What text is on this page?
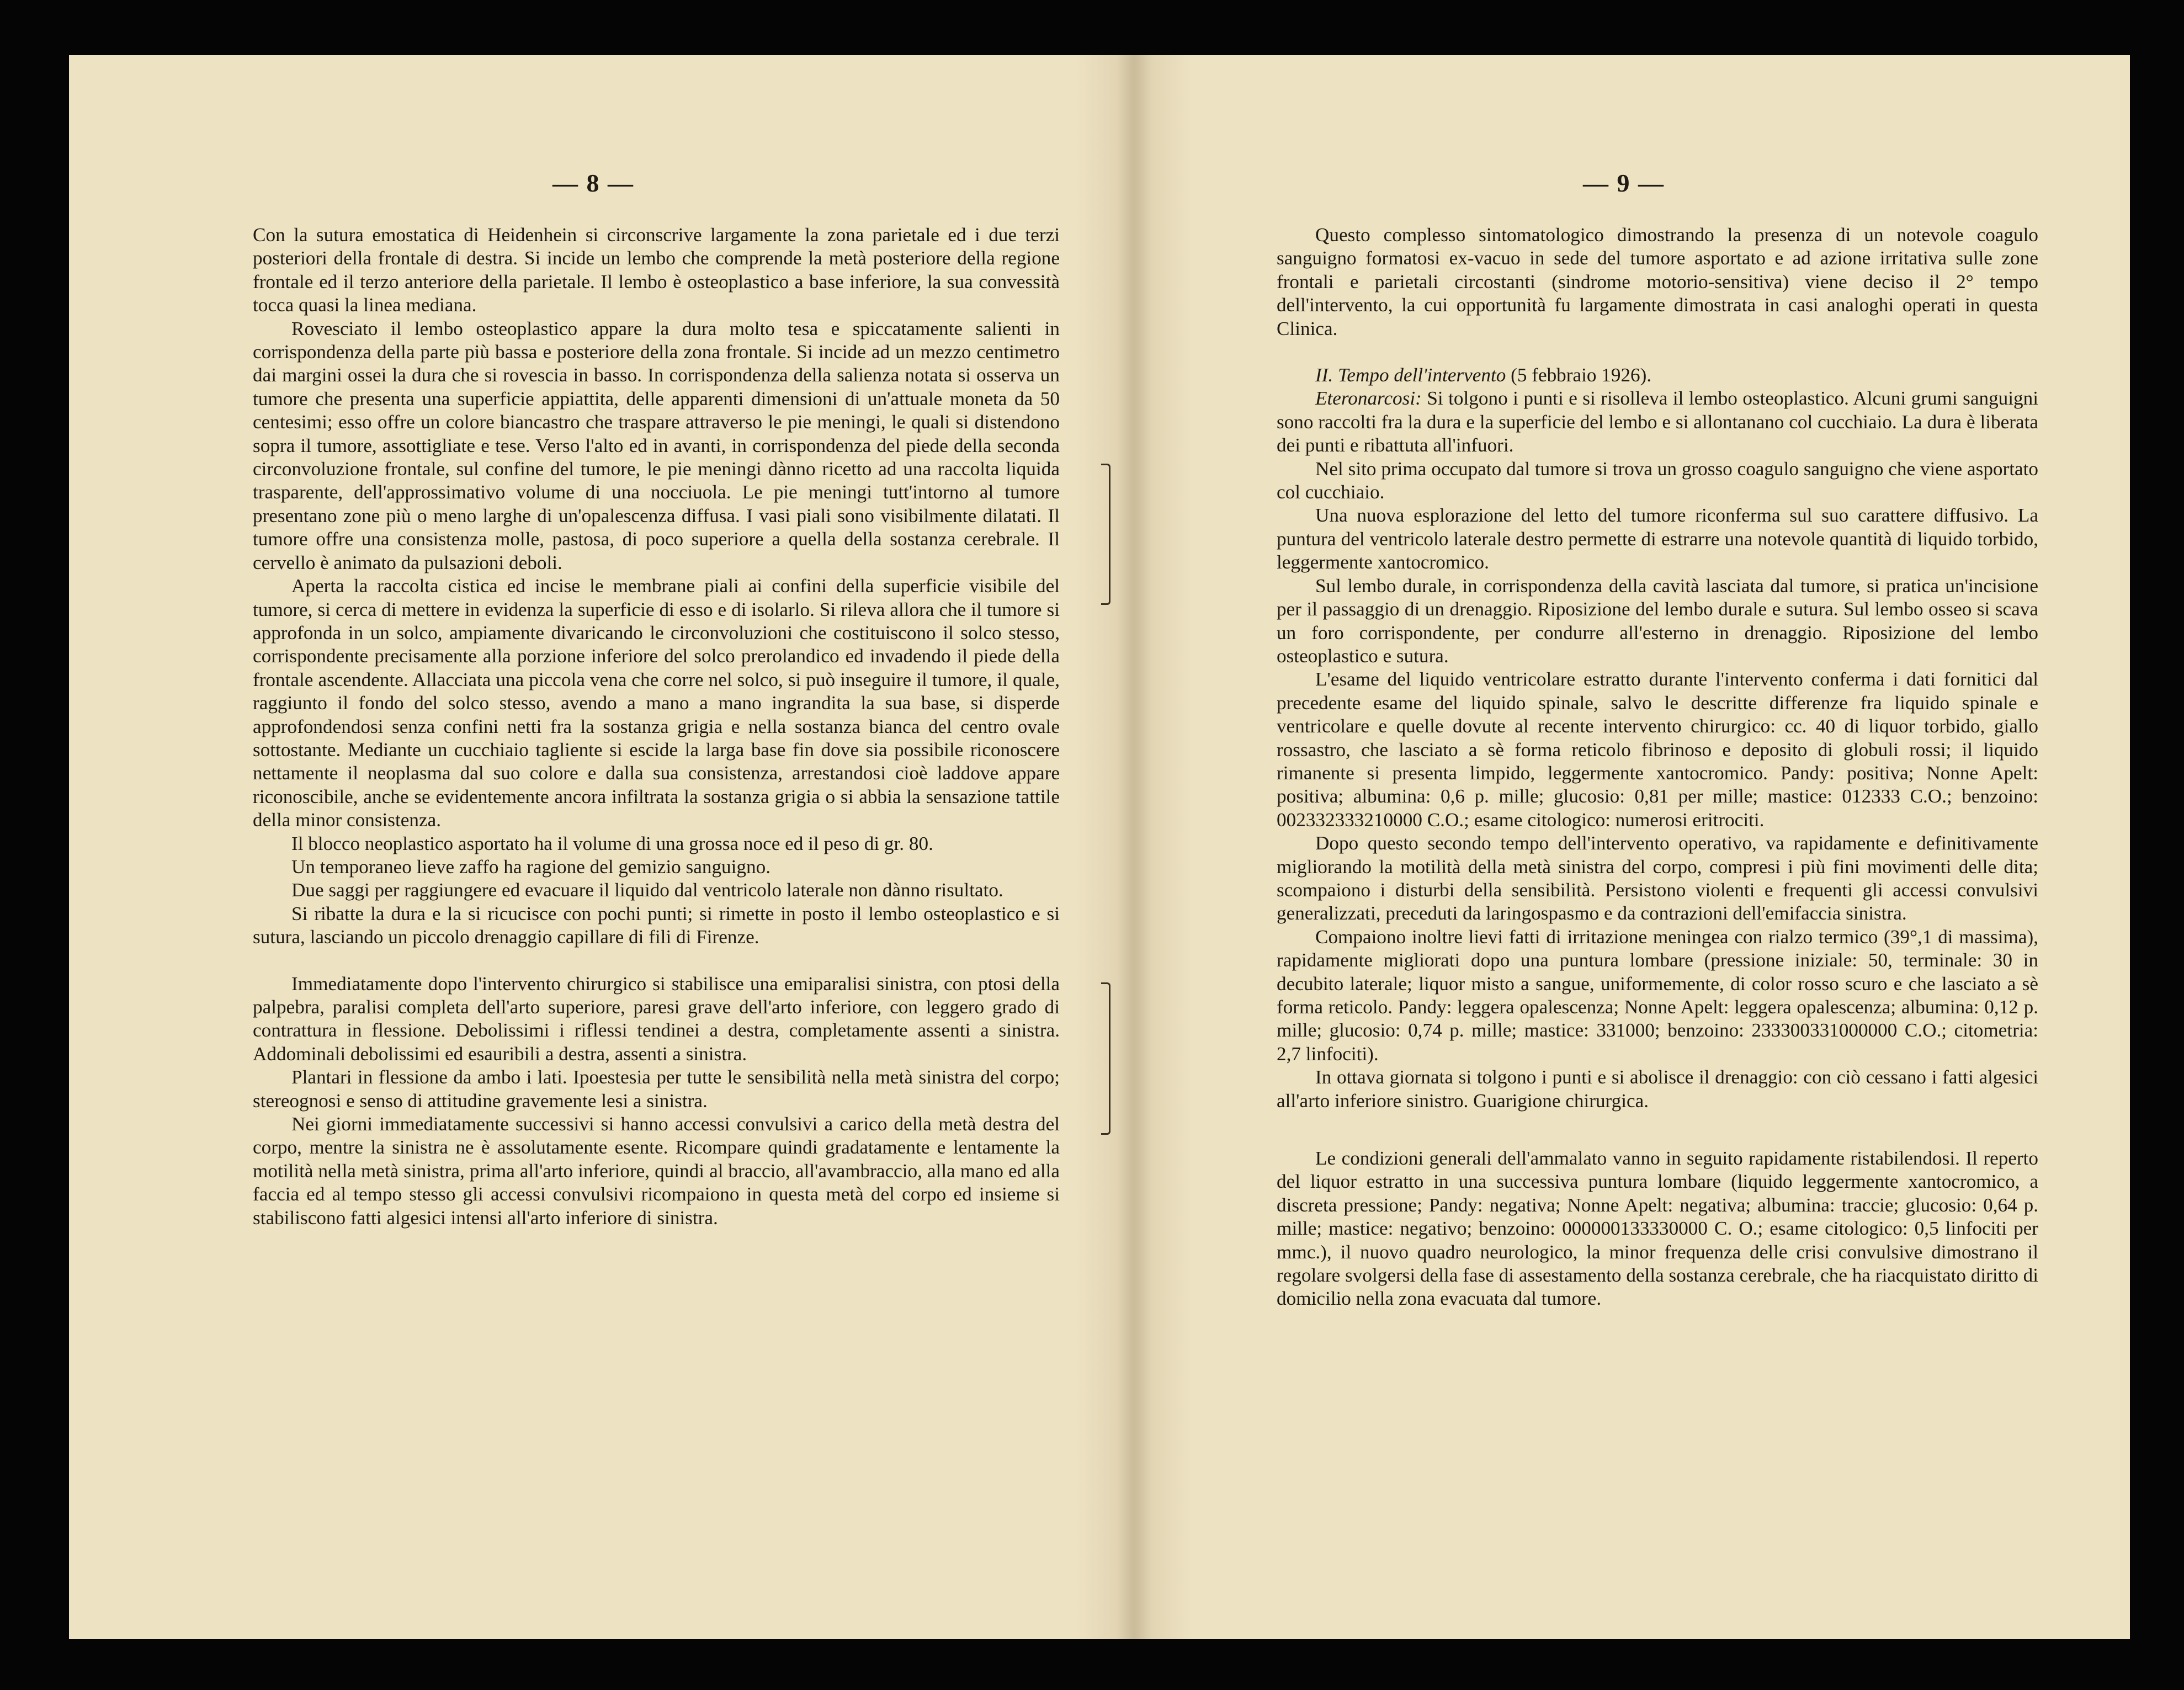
— 8 —

Con la sutura emostatica di Heidenhein si circonscrive largamente la zona parietale ed i due terzi posteriori della frontale di destra. Si incide un lembo che comprende la metà posteriore della regione frontale ed il terzo anteriore della parietale. Il lembo è osteoplastico a base inferiore, la sua convessità tocca quasi la linea mediana.

Rovesciato il lembo osteoplastico appare la dura molto tesa e spiccatamente salienti in corrispondenza della parte più bassa e posteriore della zona frontale. Si incide ad un mezzo centimetro dai margini ossei la dura che si rovescia in basso. In corrispondenza della salienza notata si osserva un tumore che presenta una superficie appiattita, delle apparenti dimensioni di un'attuale moneta da 50 centesimi; esso offre un colore biancastro che traspare attraverso le pie meningi, le quali si distendono sopra il tumore, assottigliate e tese. Verso l'alto ed in avanti, in corrispondenza del piede della seconda circonvoluzione frontale, sul confine del tumore, le pie meningi dànno ricetto ad una raccolta liquida trasparente, dell'approssimativo volume di una nocciuola. Le pie meningi tutt'intorno al tumore presentano zone più o meno larghe di un'opalescenza diffusa. I vasi piali sono visibilmente dilatati. Il tumore offre una consistenza molle, pastosa, di poco superiore a quella della sostanza cerebrale. Il cervello è animato da pulsazioni deboli.

Aperta la raccolta cistica ed incise le membrane piali ai confini della superficie visibile del tumore, si cerca di mettere in evidenza la superficie di esso e di isolarlo. Si rileva allora che il tumore si approfonda in un solco, ampiamente divaricando le circonvoluzioni che costituiscono il solco stesso, corrispondente precisamente alla porzione inferiore del solco prerolandico ed invadendo il piede della frontale ascendente. Allacciata una piccola vena che corre nel solco, si può inseguire il tumore, il quale, raggiunto il fondo del solco stesso, avendo a mano a mano ingrandita la sua base, si disperde approfondendosi senza confini netti fra la sostanza grigia e nella sostanza bianca del centro ovale sottostante. Mediante un cucchiaio tagliente si escide la larga base fin dove sia possibile riconoscere nettamente il neoplasma dal suo colore e dalla sua consistenza, arrestandosi cioè laddove appare riconoscibile, anche se evidentemente ancora infiltrata la sostanza grigia o si abbia la sensazione tattile della minor consistenza.

Il blocco neoplastico asportato ha il volume di una grossa noce ed il peso di gr. 80.

Un temporaneo lieve zaffo ha ragione del gemizio sanguigno.

Due saggi per raggiungere ed evacuare il liquido dal ventricolo laterale non dànno risultato.

Si ribatte la dura e la si ricucisce con pochi punti; si rimette in posto il lembo osteoplastico e si sutura, lasciando un piccolo drenaggio capillare di fili di Firenze.

Immediatamente dopo l'intervento chirurgico si stabilisce una emiparalisi sinistra, con ptosi della palpebra, paralisi completa dell'arto superiore, paresi grave dell'arto inferiore, con leggero grado di contrattura in flessione. Debolissimi i riflessi tendinei a destra, completamente assenti a sinistra. Addominali debolissimi ed esauribili a destra, assenti a sinistra.

Plantari in flessione da ambo i lati. Ipoestesia per tutte le sensibilità nella metà sinistra del corpo; stereognosi e senso di attitudine gravemente lesi a sinistra.

Nei giorni immediatamente successivi si hanno accessi convulsivi a carico della metà destra del corpo, mentre la sinistra ne è assolutamente esente. Ricompare quindi gradatamente e lentamente la motilità nella metà sinistra, prima all'arto inferiore, quindi al braccio, all'avambraccio, alla mano ed alla faccia ed al tempo stesso gli accessi convulsivi ricompaiono in questa metà del corpo ed insieme si stabiliscono fatti algesici intensi all'arto inferiore di sinistra.

— 9 —

Questo complesso sintomatologico dimostrando la presenza di un notevole coagulo sanguigno formatosi ex-vacuo in sede del tumore asportato e ad azione irritativa sulle zone frontali e parietali circostanti (sindrome motorio-sensitiva) viene deciso il 2° tempo dell'intervento, la cui opportunità fu largamente dimostrata in casi analoghi operati in questa Clinica.

II. Tempo dell'intervento (5 febbraio 1926).

Eteronarcosi: Si tolgono i punti e si risolleva il lembo osteoplastico. Alcuni grumi sanguigni sono raccolti fra la dura e la superficie del lembo e si allontanano col cucchiaio. La dura è liberata dei punti e ribattuta all'infuori.

Nel sito prima occupato dal tumore si trova un grosso coagulo sanguigno che viene asportato col cucchiaio.

Una nuova esplorazione del letto del tumore riconferma sul suo carattere diffusivo. La puntura del ventricolo laterale destro permette di estrarre una notevole quantità di liquido torbido, leggermente xantocromico.

Sul lembo durale, in corrispondenza della cavità lasciata dal tumore, si pratica un'incisione per il passaggio di un drenaggio. Riposizione del lembo durale e sutura. Sul lembo osseo si scava un foro corrispondente, per condurre all'esterno in drenaggio. Riposizione del lembo osteoplastico e sutura.

L'esame del liquido ventricolare estratto durante l'intervento conferma i dati fornitici dal precedente esame del liquido spinale, salvo le descritte differenze fra liquido spinale e ventricolare e quelle dovute al recente intervento chirurgico: cc. 40 di liquor torbido, giallo rossastro, che lasciato a sè forma reticolo fibrinoso e deposito di globuli rossi; il liquido rimanente si presenta limpido, leggermente xantocromico. Pandy: positiva; Nonne Apelt: positiva; albumina: 0,6 p. mille; glucosio: 0,81 per mille; mastice: 012333 C.O.; benzoino: 002332333210000 C.O.; esame citologico: numerosi eritrociti.

Dopo questo secondo tempo dell'intervento operativo, va rapidamente e definitivamente migliorando la motilità della metà sinistra del corpo, compresi i più fini movimenti delle dita; scompaiono i disturbi della sensibilità. Persistono violenti e frequenti gli accessi convulsivi generalizzati, preceduti da laringospasmo e da contrazioni dell'emifaccia sinistra.

Compaiono inoltre lievi fatti di irritazione meningea con rialzo termico (39°,1 di massima), rapidamente migliorati dopo una puntura lombare (pressione iniziale: 50, terminale: 30 in decubito laterale; liquor misto a sangue, uniformemente, di color rosso scuro e che lasciato a sè forma reticolo. Pandy: leggera opalescenza; Nonne Apelt: leggera opalescenza; albumina: 0,12 p. mille; glucosio: 0,74 p. mille; mastice: 331000; benzoino: 233300331000000 C.O.; citometria: 2,7 linfociti).

In ottava giornata si tolgono i punti e si abolisce il drenaggio: con ciò cessano i fatti algesici all'arto inferiore sinistro. Guarigione chirurgica.

Le condizioni generali dell'ammalato vanno in seguito rapidamente ristabilendosi. Il reperto del liquor estratto in una successiva puntura lombare (liquido leggermente xantocromico, a discreta pressione; Pandy: negativa; Nonne Apelt: negativa; albumina: traccie; glucosio: 0,64 p. mille; mastice: negativo; benzoino: 000000133330000 C. O.; esame citologico: 0,5 linfociti per mmc.), il nuovo quadro neurologico, la minor frequenza delle crisi convulsive dimostrano il regolare svolgersi della fase di assestamento della sostanza cerebrale, che ha riacquistato diritto di domicilio nella zona evacuata dal tumore.
